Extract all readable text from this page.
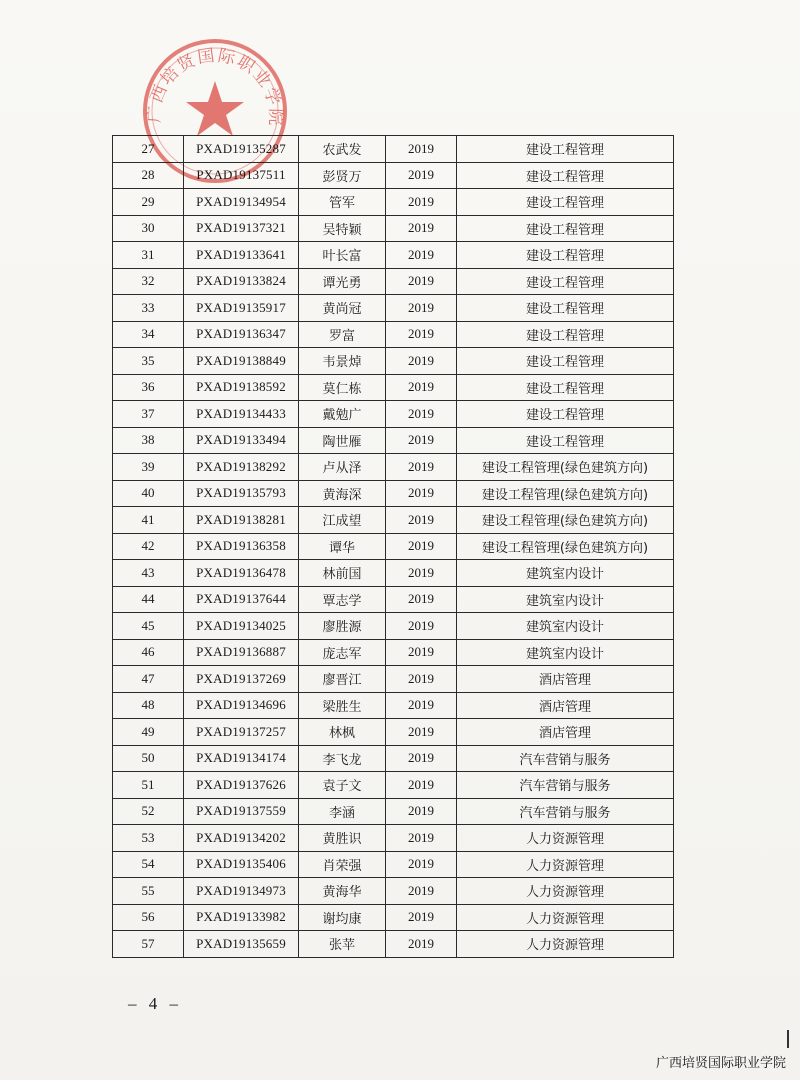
广西培贤国际职业学院
27	PXAD19135287	农武发	2019	建设工程管理
28	PXAD19137511	彭贤万	2019	建设工程管理
29	PXAD19134954	管军	2019	建设工程管理
30	PXAD19137321	吴特颖	2019	建设工程管理
31	PXAD19133641	叶长富	2019	建设工程管理
32	PXAD19133824	谭光勇	2019	建设工程管理
33	PXAD19135917	黄尚冠	2019	建设工程管理
34	PXAD19136347	罗富	2019	建设工程管理
35	PXAD19138849	韦景焯	2019	建设工程管理
36	PXAD19138592	莫仁栋	2019	建设工程管理
37	PXAD19134433	戴勉广	2019	建设工程管理
38	PXAD19133494	陶世雁	2019	建设工程管理
39	PXAD19138292	卢从泽	2019	建设工程管理(绿色建筑方向)
40	PXAD19135793	黄海深	2019	建设工程管理(绿色建筑方向)
41	PXAD19138281	江成望	2019	建设工程管理(绿色建筑方向)
42	PXAD19136358	谭华	2019	建设工程管理(绿色建筑方向)
43	PXAD19136478	林前国	2019	建筑室内设计
44	PXAD19137644	覃志学	2019	建筑室内设计
45	PXAD19134025	廖胜源	2019	建筑室内设计
46	PXAD19136887	庞志军	2019	建筑室内设计
47	PXAD19137269	廖晋江	2019	酒店管理
48	PXAD19134696	梁胜生	2019	酒店管理
49	PXAD19137257	林枫	2019	酒店管理
50	PXAD19134174	李飞龙	2019	汽车营销与服务
51	PXAD19137626	袁子文	2019	汽车营销与服务
52	PXAD19137559	李涵	2019	汽车营销与服务
53	PXAD19134202	黄胜识	2019	人力资源管理
54	PXAD19135406	肖荣强	2019	人力资源管理
55	PXAD19134973	黄海华	2019	人力资源管理
56	PXAD19133982	谢均康	2019	人力资源管理
57	PXAD19135659	张苹	2019	人力资源管理
– 4 –
广西培贤国际职业学院
